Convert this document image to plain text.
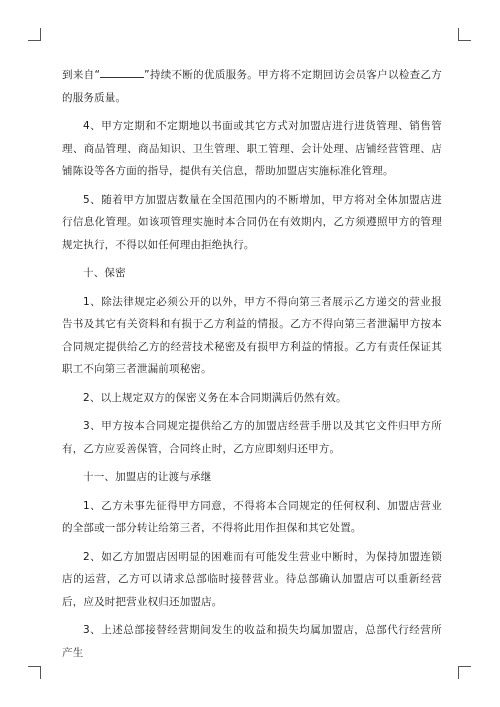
到来自“	”持续不断的优质服务。甲方将不定期回访会员客户以检查乙方的服务质量。

4、甲方定期和不定期地以书面或其它方式对加盟店进行进货管理、销售管理、商品管理、商品知识、卫生管理、职工管理、会计处理、店铺经营管理、店铺陈设等各方面的指导，提供有关信息，帮助加盟店实施标准化管理。

5、随着甲方加盟店数量在全国范围内的不断增加，甲方将对全体加盟店进行信息化管理。如该项管理实施时本合同仍在有效期内，乙方须遵照甲方的管理规定执行，不得以如任何理由拒绝执行。

十、保密

1、除法律规定必须公开的以外，甲方不得向第三者展示乙方递交的营业报告书及其它有关资料和有损于乙方利益的情报。乙方不得向第三者泄漏甲方按本合同规定提供给乙方的经营技术秘密及有损甲方利益的情报。乙方有责任保证其职工不向第三者泄漏前项秘密。

2、以上规定双方的保密义务在本合同期满后仍然有效。

3、甲方按本合同规定提供给乙方的加盟店经营手册以及其它文件归甲方所有，乙方应妥善保管，合同终止时，乙方应即刻归还甲方。

十一、加盟店的让渡与承继

1、乙方未事先征得甲方同意，不得将本合同规定的任何权利、加盟店营业的全部或一部分转让给第三者，不得将此用作担保和其它处置。

2、如乙方加盟店因明显的困难而有可能发生营业中断时，为保持加盟连锁店的运营，乙方可以请求总部临时接替营业。待总部确认加盟店可以重新经营后，应及时把营业权归还加盟店。

3、上述总部接替经营期间发生的收益和损失均属加盟店，总部代行经营所产生
